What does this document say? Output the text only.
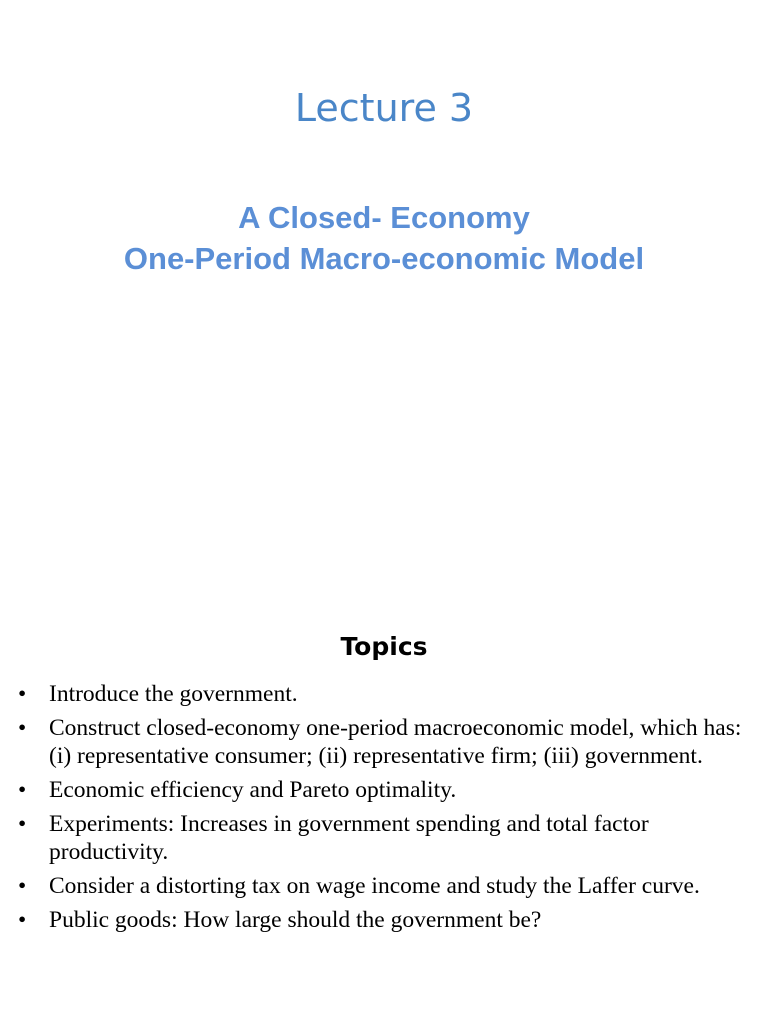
Lecture 3
A Closed- Economy
One-Period Macro-economic Model
Topics
• Introduce the government.
• Construct closed-economy one-period macroeconomic model, which has: (i) representative consumer; (ii) representative firm; (iii) government.
• Economic efficiency and Pareto optimality.
• Experiments: Increases in government spending and total factor productivity.
• Consider a distorting tax on wage income and study the Laffer curve.
• Public goods: How large should the government be?
